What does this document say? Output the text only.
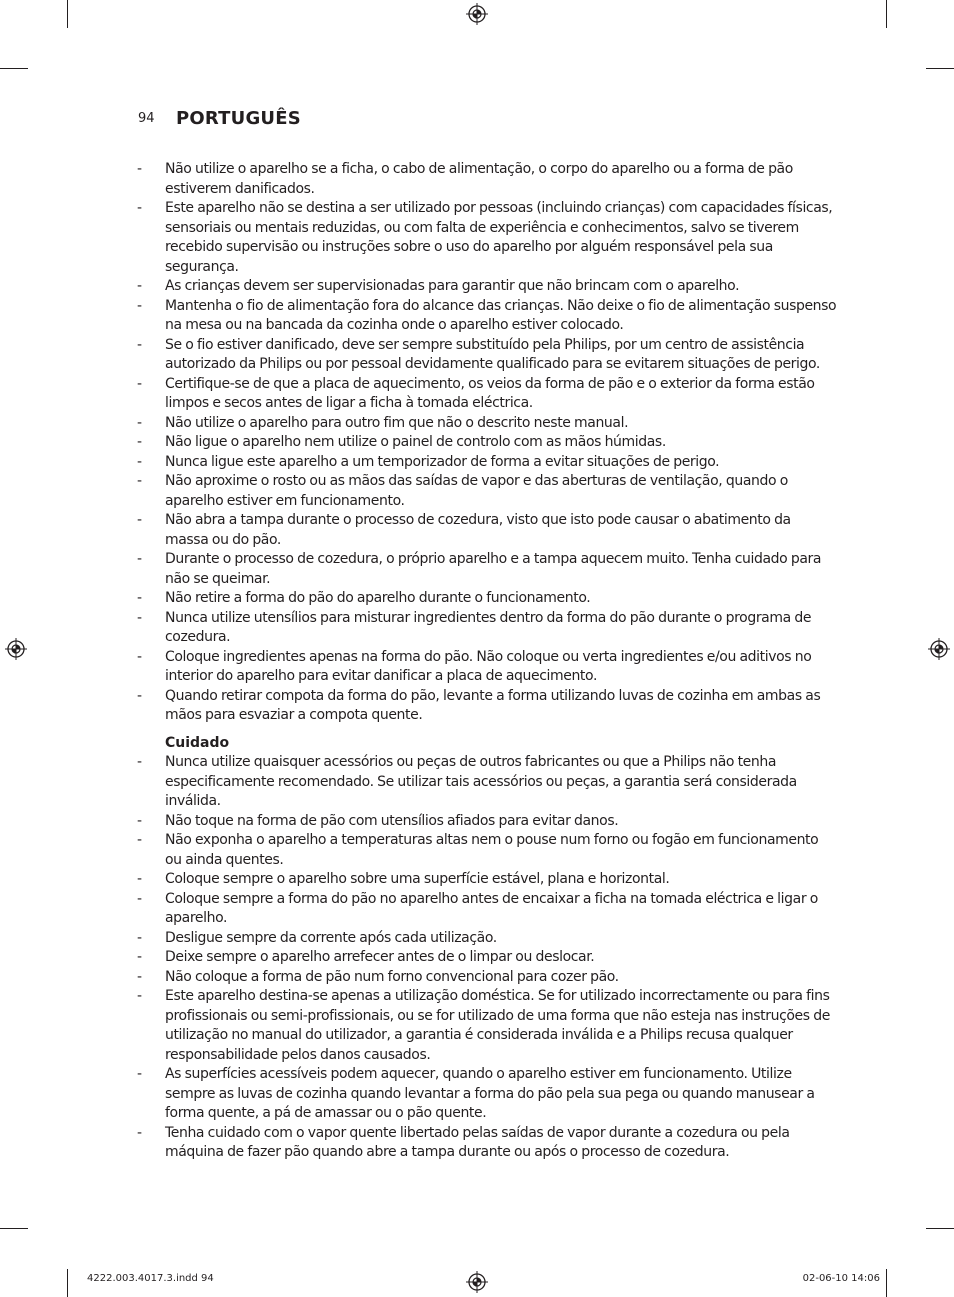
94 PORTUGUÊS
- Não utilize o aparelho se a ficha, o cabo de alimentação, o corpo do aparelho ou a forma de pão estiverem danificados.
- Este aparelho não se destina a ser utilizado por pessoas (incluindo crianças) com capacidades físicas, sensoriais ou mentais reduzidas, ou com falta de experiência e conhecimentos, salvo se tiverem recebido supervisão ou instruções sobre o uso do aparelho por alguém responsável pela sua segurança.
- As crianças devem ser supervisionadas para garantir que não brincam com o aparelho.
- Mantenha o fio de alimentação fora do alcance das crianças. Não deixe o fio de alimentação suspenso na mesa ou na bancada da cozinha onde o aparelho estiver colocado.
- Se o fio estiver danificado, deve ser sempre substituído pela Philips, por um centro de assistência autorizado da Philips ou por pessoal devidamente qualificado para se evitarem situações de perigo.
- Certifique-se de que a placa de aquecimento, os veios da forma de pão e o exterior da forma estão limpos e secos antes de ligar a ficha à tomada eléctrica.
- Não utilize o aparelho para outro fim que não o descrito neste manual.
- Não ligue o aparelho nem utilize o painel de controlo com as mãos húmidas.
- Nunca ligue este aparelho a um temporizador de forma a evitar situações de perigo.
- Não aproxime o rosto ou as mãos das saídas de vapor e das aberturas de ventilação, quando o aparelho estiver em funcionamento.
- Não abra a tampa durante o processo de cozedura, visto que isto pode causar o abatimento da massa ou do pão.
- Durante o processo de cozedura, o próprio aparelho e a tampa aquecem muito. Tenha cuidado para não se queimar.
- Não retire a forma do pão do aparelho durante o funcionamento.
- Nunca utilize utensílios para misturar ingredientes dentro da forma do pão durante o programa de cozedura.
- Coloque ingredientes apenas na forma do pão. Não coloque ou verta ingredientes e/ou aditivos no interior do aparelho para evitar danificar a placa de aquecimento.
- Quando retirar compota da forma do pão, levante a forma utilizando luvas de cozinha em ambas as mãos para esvaziar a compota quente.
Cuidado
- Nunca utilize quaisquer acessórios ou peças de outros fabricantes ou que a Philips não tenha especificamente recomendado. Se utilizar tais acessórios ou peças, a garantia será considerada inválida.
- Não toque na forma de pão com utensílios afiados para evitar danos.
- Não exponha o aparelho a temperaturas altas nem o pouse num forno ou fogão em funcionamento ou ainda quentes.
- Coloque sempre o aparelho sobre uma superfície estável, plana e horizontal.
- Coloque sempre a forma do pão no aparelho antes de encaixar a ficha na tomada eléctrica e ligar o aparelho.
- Desligue sempre da corrente após cada utilização.
- Deixe sempre o aparelho arrefecer antes de o limpar ou deslocar.
- Não coloque a forma de pão num forno convencional para cozer pão.
- Este aparelho destina-se apenas a utilização doméstica. Se for utilizado incorrectamente ou para fins profissionais ou semi-profissionais, ou se for utilizado de uma forma que não esteja nas instruções de utilização no manual do utilizador, a garantia é considerada inválida e a Philips recusa qualquer responsabilidade pelos danos causados.
- As superfícies acessíveis podem aquecer, quando o aparelho estiver em funcionamento. Utilize sempre as luvas de cozinha quando levantar a forma do pão pela sua pega ou quando manusear a forma quente, a pá de amassar ou o pão quente.
- Tenha cuidado com o vapor quente libertado pelas saídas de vapor durante a cozedura ou pela máquina de fazer pão quando abre a tampa durante ou após o processo de cozedura.
4222.003.4017.3.indd 94	02-06-10 14:06
